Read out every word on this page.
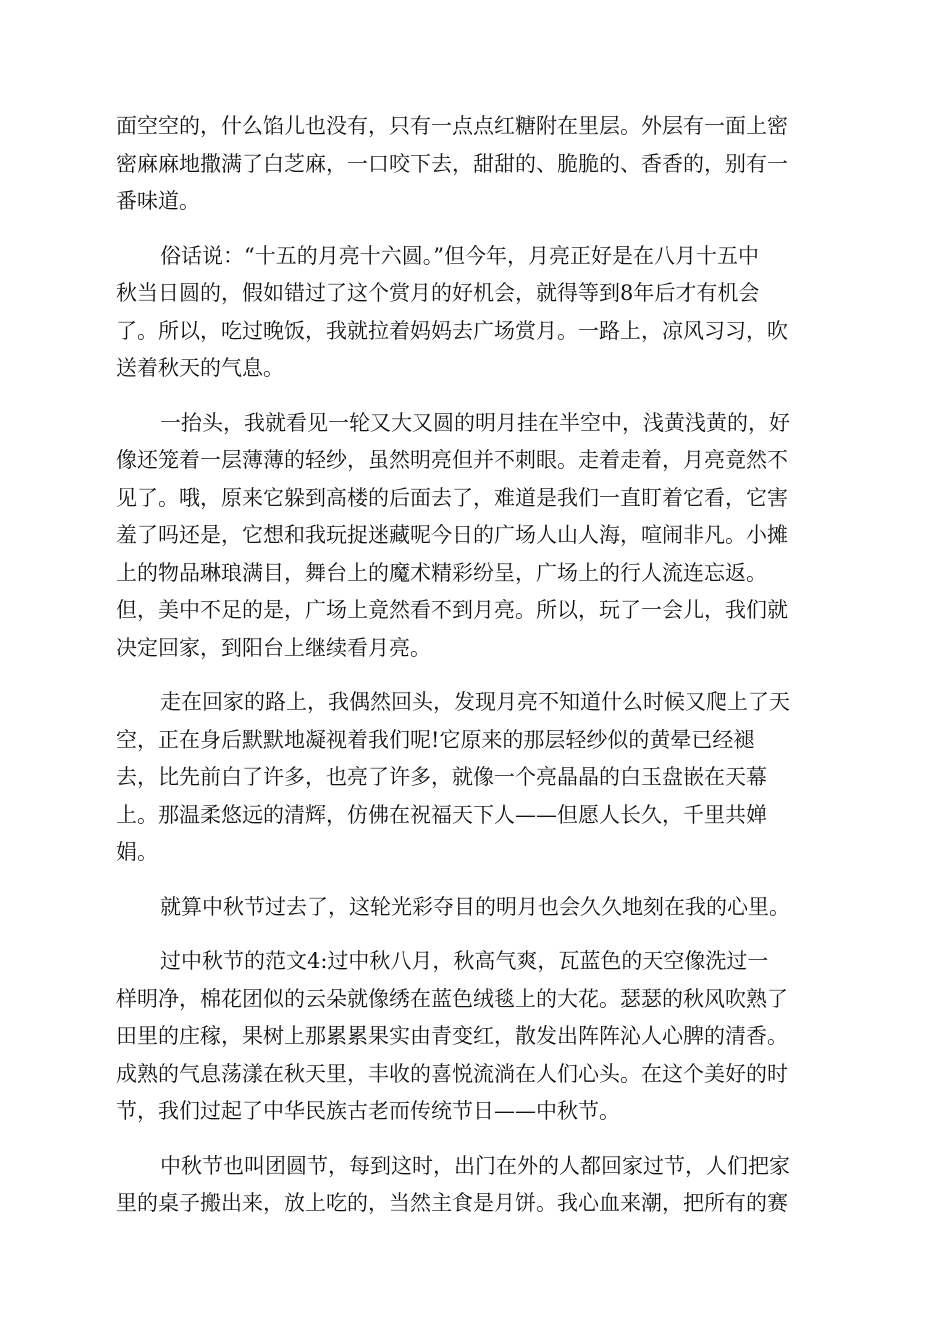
面空空的，什么馅儿也没有，只有一点点红糖附在里层。外层有一面上密
密麻麻地撒满了白芝麻，一口咬下去，甜甜的、脆脆的、香香的，别有一
番味道。

俗话说：“十五的月亮十六圆。”但今年，月亮正好是在八月十五中
秋当日圆的，假如错过了这个赏月的好机会，就得等到8年后才有机会
了。所以，吃过晚饭，我就拉着妈妈去广场赏月。一路上，凉风习习，吹
送着秋天的气息。

一抬头，我就看见一轮又大又圆的明月挂在半空中，浅黄浅黄的，好
像还笼着一层薄薄的轻纱，虽然明亮但并不刺眼。走着走着，月亮竟然不
见了。哦，原来它躲到高楼的后面去了，难道是我们一直盯着它看，它害
羞了吗还是，它想和我玩捉迷藏呢今日的广场人山人海，喧闹非凡。小摊
上的物品琳琅满目，舞台上的魔术精彩纷呈，广场上的行人流连忘返。
但，美中不足的是，广场上竟然看不到月亮。所以，玩了一会儿，我们就
决定回家，到阳台上继续看月亮。

走在回家的路上，我偶然回头，发现月亮不知道什么时候又爬上了天
空，正在身后默默地凝视着我们呢!它原来的那层轻纱似的黄晕已经褪
去，比先前白了许多，也亮了许多，就像一个亮晶晶的白玉盘嵌在天幕
上。那温柔悠远的清辉，仿佛在祝福天下人——但愿人长久，千里共婵
娟。

就算中秋节过去了，这轮光彩夺目的明月也会久久地刻在我的心里。

过中秋节的范文4:过中秋八月，秋高气爽，瓦蓝色的天空像洗过一
样明净，棉花团似的云朵就像绣在蓝色绒毯上的大花。瑟瑟的秋风吹熟了
田里的庄稼，果树上那累累果实由青变红，散发出阵阵沁人心脾的清香。
成熟的气息荡漾在秋天里，丰收的喜悦流淌在人们心头。在这个美好的时
节，我们过起了中华民族古老而传统节日——中秋节。

中秋节也叫团圆节，每到这时，出门在外的人都回家过节，人们把家
里的桌子搬出来，放上吃的，当然主食是月饼。我心血来潮，把所有的赛
